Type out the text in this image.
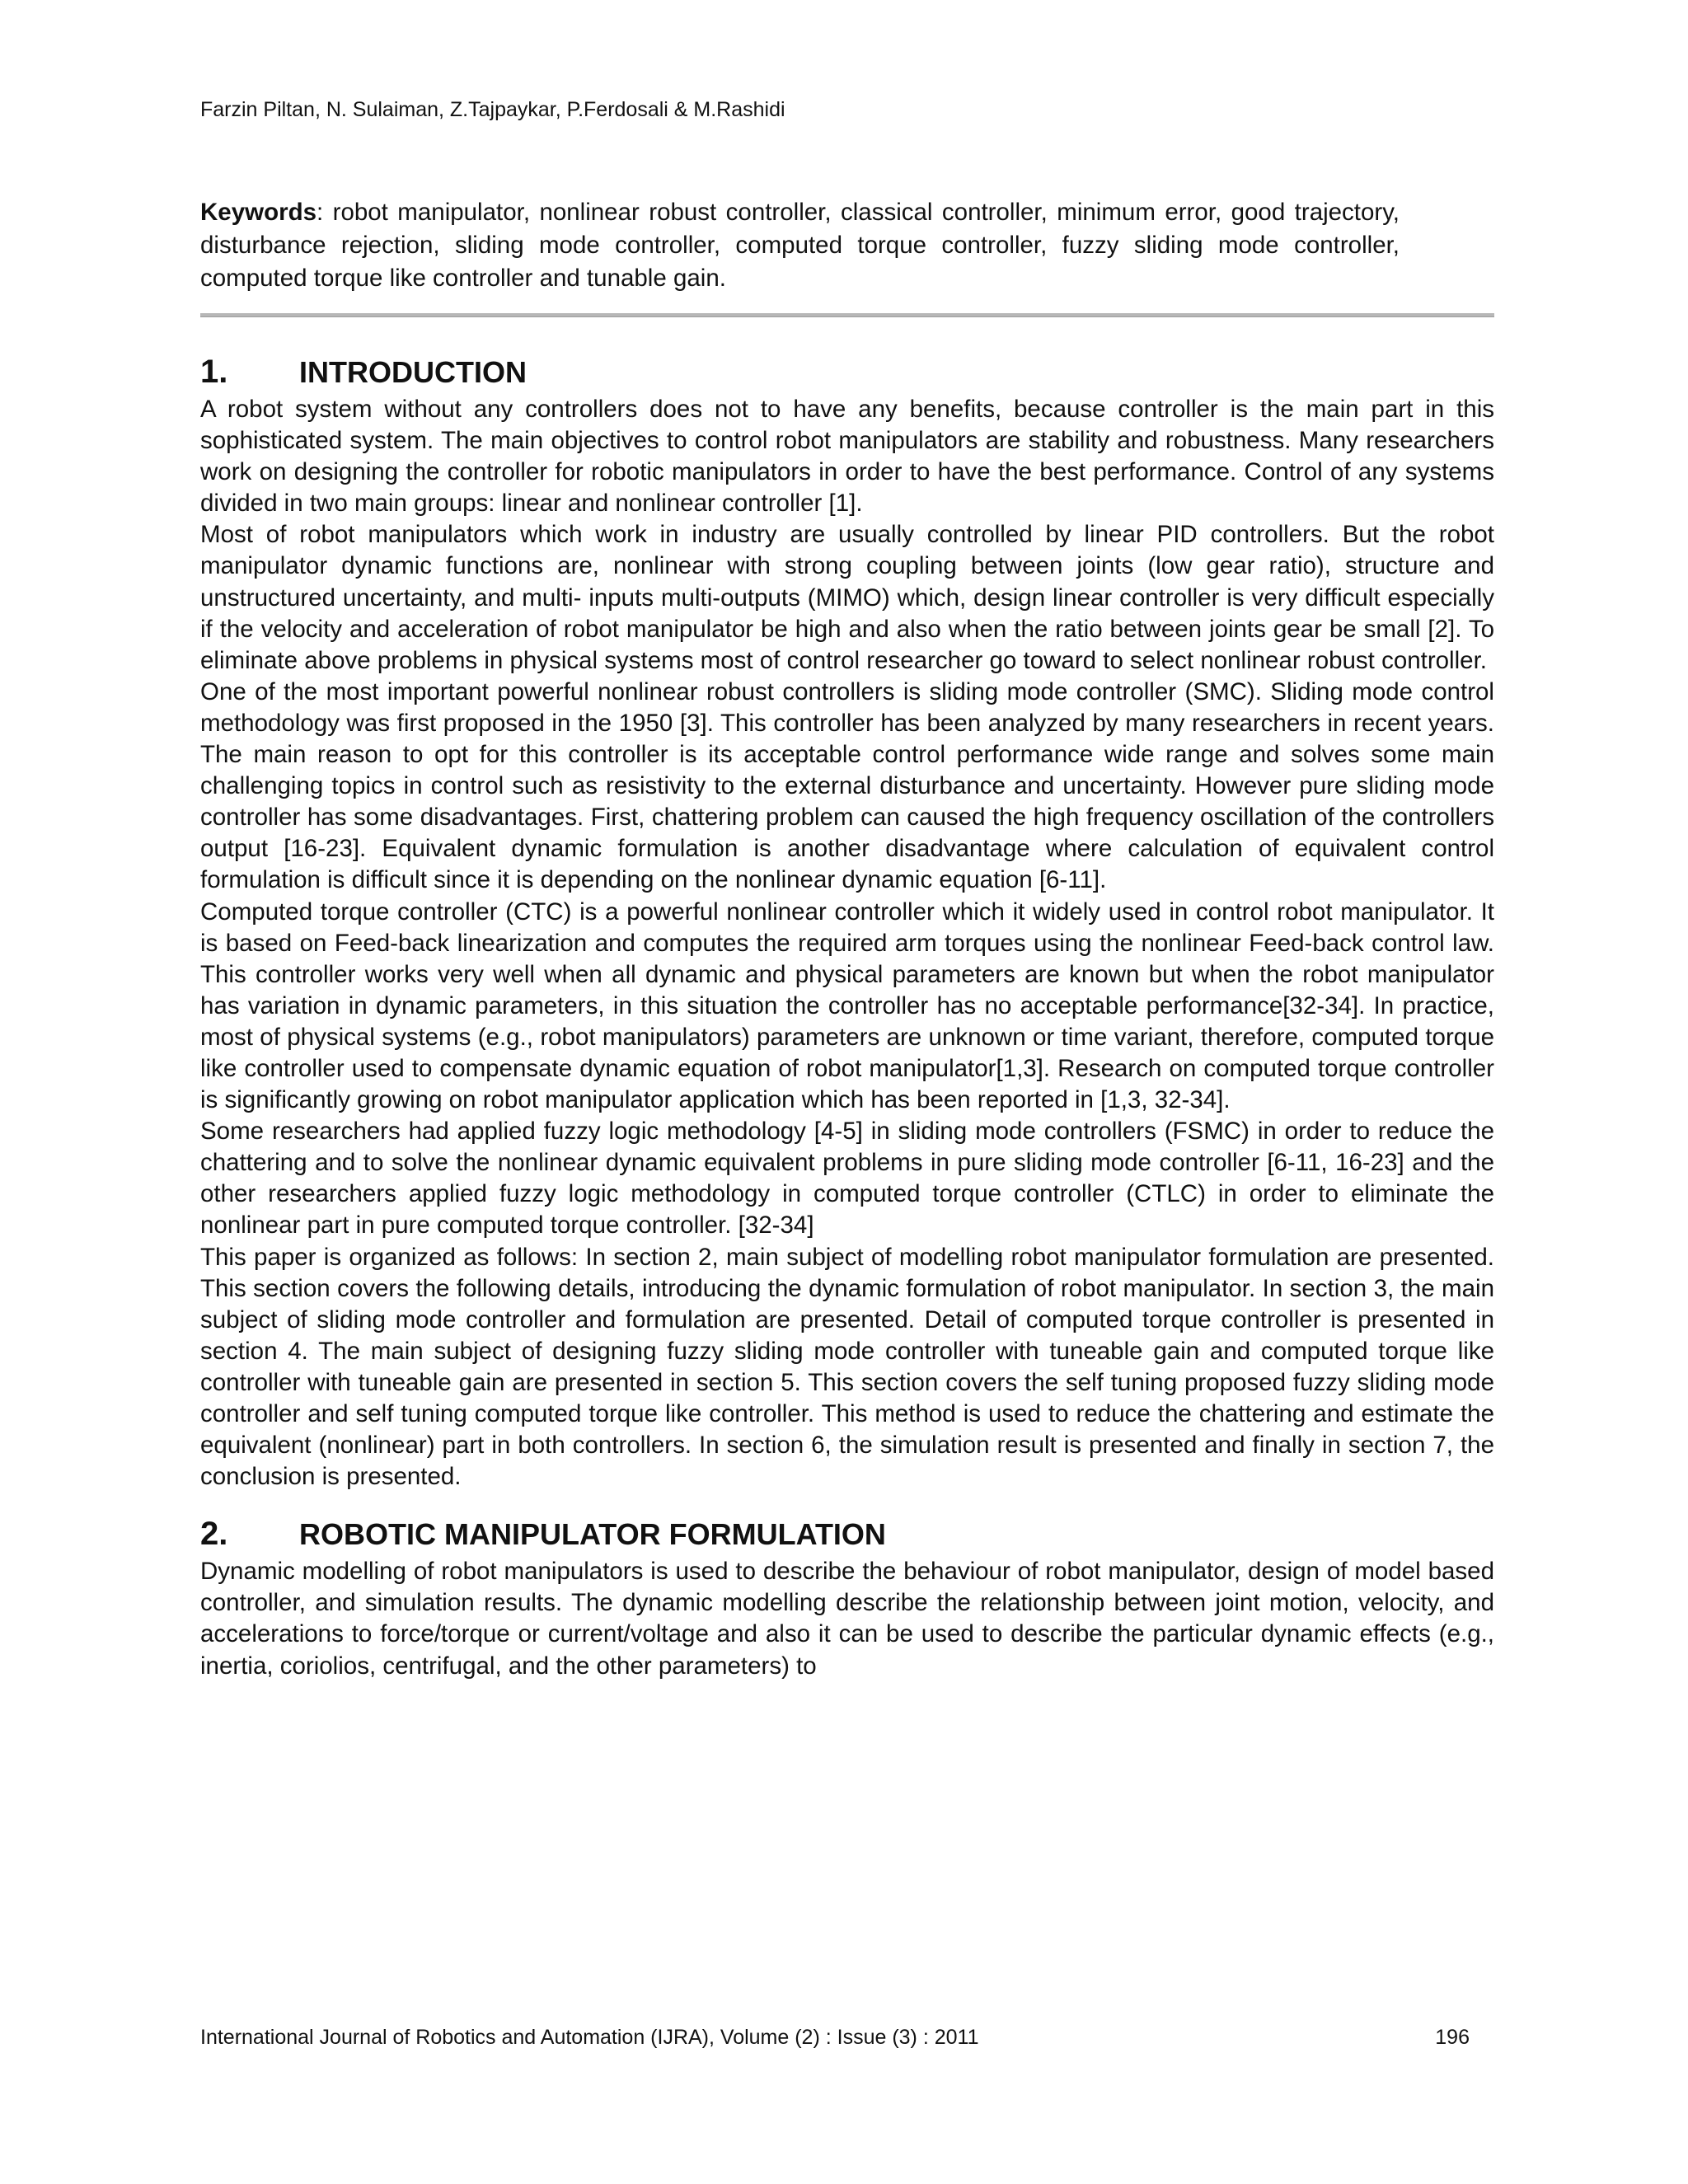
Farzin Piltan, N. Sulaiman, Z.Tajpaykar, P.Ferdosali & M.Rashidi

Keywords: robot manipulator, nonlinear robust controller, classical controller, minimum error, good trajectory, disturbance rejection, sliding mode controller, computed torque controller, fuzzy sliding mode controller, computed torque like controller and tunable gain.

1.	INTRODUCTION

A robot system without any controllers does not to have any benefits, because controller is the main part in this sophisticated system. The main objectives to control robot manipulators are stability and robustness. Many researchers work on designing the controller for robotic manipulators in order to have the best performance. Control of any systems divided in two main groups: linear and nonlinear controller [1].

Most of robot manipulators which work in industry are usually controlled by linear PID controllers. But the robot manipulator dynamic functions are, nonlinear with strong coupling between joints (low gear ratio), structure and unstructured uncertainty, and multi- inputs multi-outputs (MIMO) which, design linear controller is very difficult especially if the velocity and acceleration of robot manipulator be high and also when the ratio between joints gear be small [2]. To eliminate above problems in physical systems most of control researcher go toward to select nonlinear robust controller.

One of the most important powerful nonlinear robust controllers is sliding mode controller (SMC). Sliding mode control methodology was first proposed in the 1950 [3]. This controller has been analyzed by many researchers in recent years. The main reason to opt for this controller is its acceptable control performance wide range and solves some main challenging topics in control such as resistivity to the external disturbance and uncertainty. However pure sliding mode controller has some disadvantages. First, chattering problem can caused the high frequency oscillation of the controllers output [16-23]. Equivalent dynamic formulation is another disadvantage where calculation of equivalent control formulation is difficult since it is depending on the nonlinear dynamic equation [6-11].

Computed torque controller (CTC) is a powerful nonlinear controller which it widely used in control robot manipulator. It is based on Feed-back linearization and computes the required arm torques using the nonlinear Feed-back control law. This controller works very well when all dynamic and physical parameters are known but when the robot manipulator has variation in dynamic parameters, in this situation the controller has no acceptable performance[32-34]. In practice, most of physical systems (e.g., robot manipulators) parameters are unknown or time variant, therefore, computed torque like controller used to compensate dynamic equation of robot manipulator[1,3]. Research on computed torque controller is significantly growing on robot manipulator application which has been reported in [1,3, 32-34].

Some researchers had applied fuzzy logic methodology [4-5] in sliding mode controllers (FSMC) in order to reduce the chattering and to solve the nonlinear dynamic equivalent problems in pure sliding mode controller [6-11, 16-23] and the other researchers applied fuzzy logic methodology in computed torque controller (CTLC) in order to eliminate the nonlinear part in pure computed torque controller. [32-34]

This paper is organized as follows: In section 2, main subject of modelling robot manipulator formulation are presented. This section covers the following details, introducing the dynamic formulation of robot manipulator. In section 3, the main subject of sliding mode controller and formulation are presented. Detail of computed torque controller is presented in section 4. The main subject of designing fuzzy sliding mode controller with tuneable gain and computed torque like controller with tuneable gain are presented in section 5. This section covers the self tuning proposed fuzzy sliding mode controller and self tuning computed torque like controller. This method is used to reduce the chattering and estimate the equivalent (nonlinear) part in both controllers. In section 6, the simulation result is presented and finally in section 7, the conclusion is presented.

2.	ROBOTIC MANIPULATOR FORMULATION

Dynamic modelling of robot manipulators is used to describe the behaviour of robot manipulator, design of model based controller, and simulation results. The dynamic modelling describe the relationship between joint motion, velocity, and accelerations to force/torque or current/voltage and also it can be used to describe the particular dynamic effects (e.g., inertia, coriolios, centrifugal, and the other parameters) to

International Journal of Robotics and Automation (IJRA), Volume (2) : Issue (3) : 2011	196
